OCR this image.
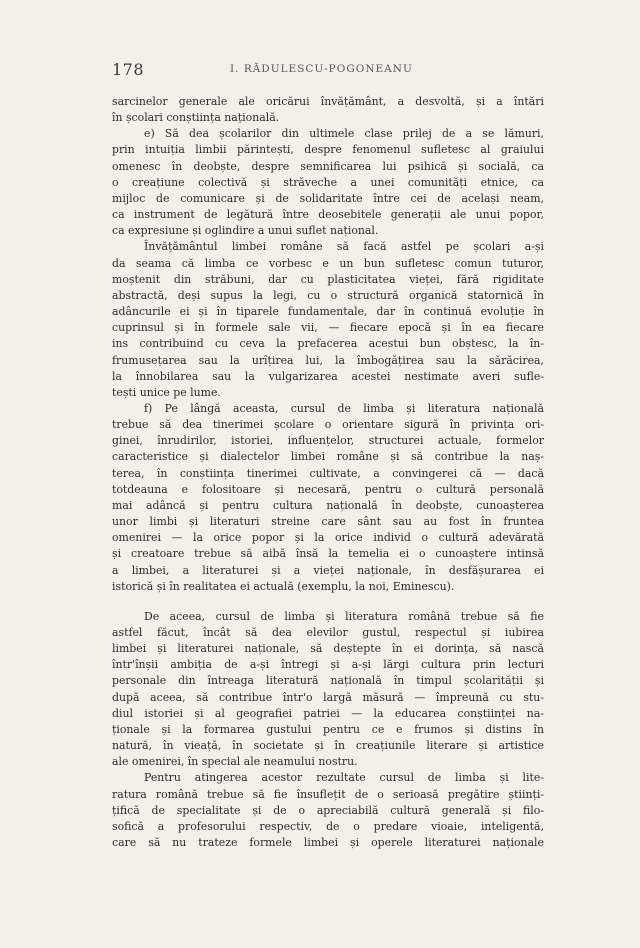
178	I. RĂDULESCU-POGONEANU
sarcinelor generale ale oricărui învățământ, a desvoltă, și a întări
în școlari conștiința națională.
e) Să dea școlarilor din ultimele clase prilej de a se lămuri,
prin intuiția limbii părintești, despre fenomenul sufletesc al graiului
omenesc în deobște, despre semnificarea lui psihică și socială, ca
o creațiune colectivă și străveche a unei comunități etnice, ca
mijloc de comunicare și de solidaritate între cei de același neam,
ca instrument de legătură între deosebitele generații ale unui popor,
ca expresiune și oglindire a unui suflet național.
Învățământul limbei române să facă astfel pe școlari a-și
da seama că limba ce vorbesc e un bun sufletesc comun tuturor,
moștenit din străbuni, dar cu plasticitatea vieței, fără rigiditate
abstractă, deși supus la legi, cu o structură organică statornică în
adâncurile ei și în tiparele fundamentale, dar în continuă evoluție în
cuprinsul și în formele sale vii, — fiecare epocă și în ea fiecare
ins contribuind cu ceva la prefacerea acestui bun obștesc, la în-
frumusețarea sau la urîțirea lui, la îmbogățirea sau la sărăcirea,
la înnobilarea sau la vulgarizarea acestei nestimate averi sufle-
tești unice pe lume.
f) Pe lângă aceasta, cursul de limba și literatura națională
trebue să dea tinerimei școlare o orientare sigură în privința ori-
ginei, înrudirilor, istoriei, influențelor, structurei actuale, formelor
caracteristice și dialectelor limbei române și să contribue la naș-
terea, în conștiința tinerimei cultivate, a convingerei că — dacă
totdeauna e folositoare și necesară, pentru o cultură personală
mai adâncă și pentru cultura națională în deobște, cunoașterea
unor limbi și literaturi streine care sânt sau au fost în fruntea
omenirei — la orice popor și la orice individ o cultură adevărată
și creatoare trebue să aibă însă la temelia ei o cunoaștere intinsă
a limbei, a literaturei și a vieței naționale, în desfășurarea ei
istorică și în realitatea ei actuală (exemplu, la noi, Eminescu).
De aceea, cursul de limba și literatura română trebue să fie
astfel făcut, încât să dea elevilor gustul, respectul și iubirea
limbei și literaturei naționale, să deștepte în ei dorința, să nască
într'înșii ambiția de a-și întregi și a-și lărgi cultura prin lecturi
personale din întreaga literatură națională în timpul școlarității și
după aceea, să contribue într'o largă măsură — împreună cu stu-
diul istoriei și al geografiei patriei — la educarea conștiinței na-
ționale și la formarea gustului pentru ce e frumos și distins în
natură, în vieață, în societate și în creațiunile literare și artistice
ale omenirei, în special ale neamului nostru.
Pentru atingerea acestor rezultate cursul de limba și lite-
ratura română trebue să fie însuflețit de o serioasă pregătire științi-
țifică de specialitate și de o apreciabilă cultură generală și filo-
sofică a profesorului respectiv, de o predare vioaie, inteligentă,
care să nu trateze formele limbei și operele literaturei naționale
